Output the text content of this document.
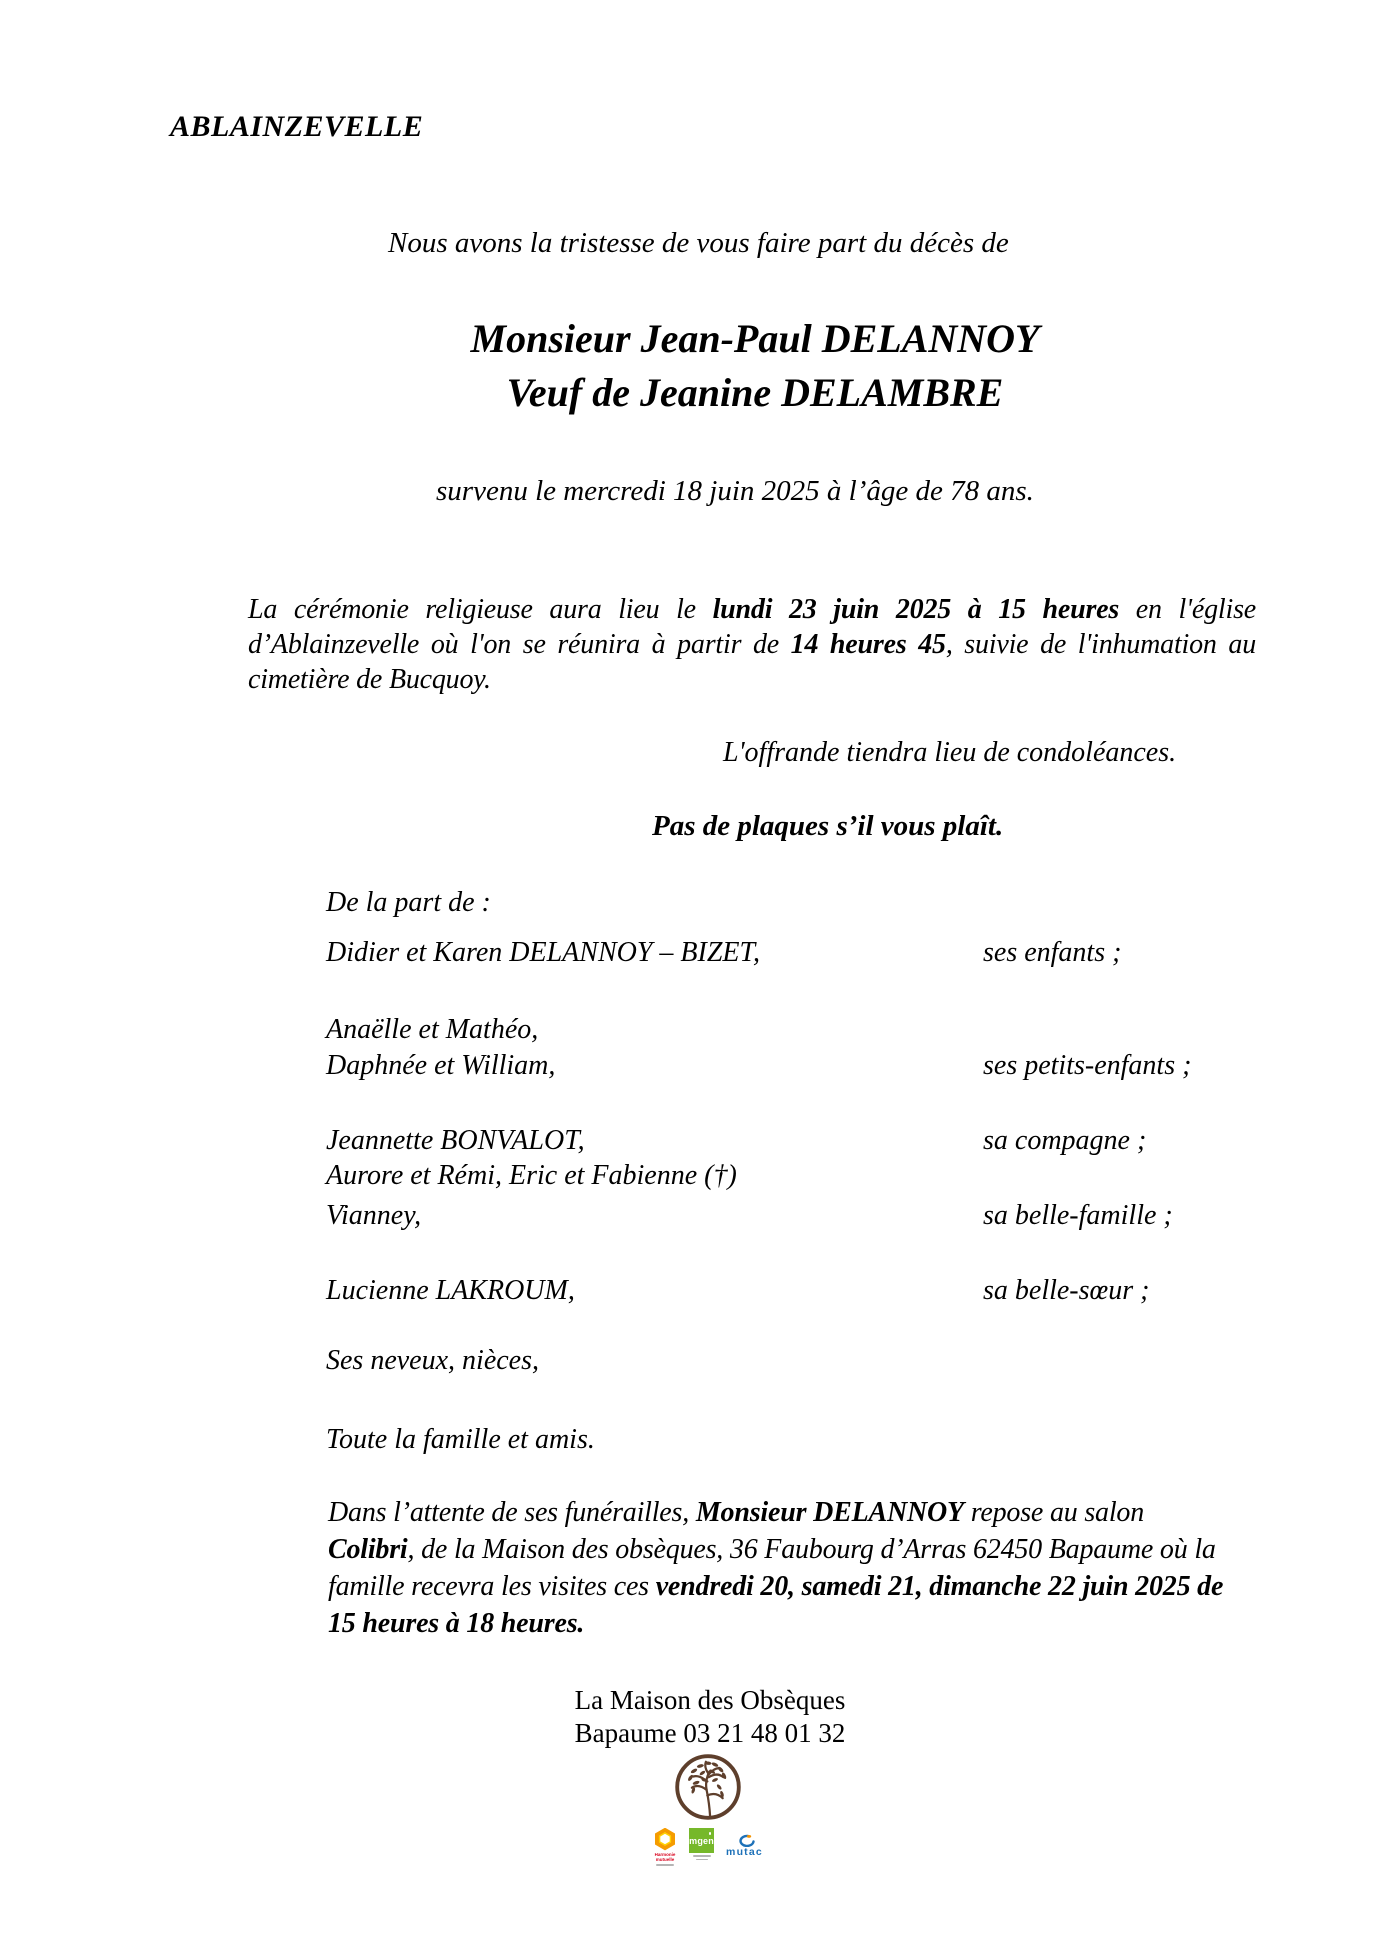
ABLAINZEVELLE
Nous avons la tristesse de vous faire part du décès de
Monsieur Jean-Paul DELANNOY
Veuf de Jeanine DELAMBRE
survenu le mercredi 18 juin 2025 à l’âge de 78 ans.
La cérémonie religieuse aura lieu le lundi 23 juin 2025 à 15 heures en l'église d’Ablainzevelle où l'on se réunira à partir de 14 heures 45, suivie de l'inhumation au cimetière de Bucquoy.
L'offrande tiendra lieu de condoléances.
Pas de plaques s’il vous plaît.
De la part de :
Didier et Karen DELANNOY – BIZET,	ses enfants ;
Anaëlle et Mathéo,
Daphnée et William,	ses petits-enfants ;
Jeannette BONVALOT,	sa compagne ;
Aurore et Rémi, Eric et Fabienne (†)
Vianney,	sa belle-famille ;
Lucienne LAKROUM,	sa belle-sœur ;
Ses neveux, nièces,
Toute la famille et amis.
Dans l’attente de ses funérailles, Monsieur DELANNOY repose au salon Colibri, de la Maison des obsèques, 36 Faubourg d’Arras 62450 Bapaume où la famille recevra les visites ces vendredi 20, samedi 21, dimanche 22 juin 2025 de 15 heures à 18 heures.
La Maison des Obsèques
Bapaume 03 21 48 01 32
Harmonie
mutuelle
mgen
mutac
